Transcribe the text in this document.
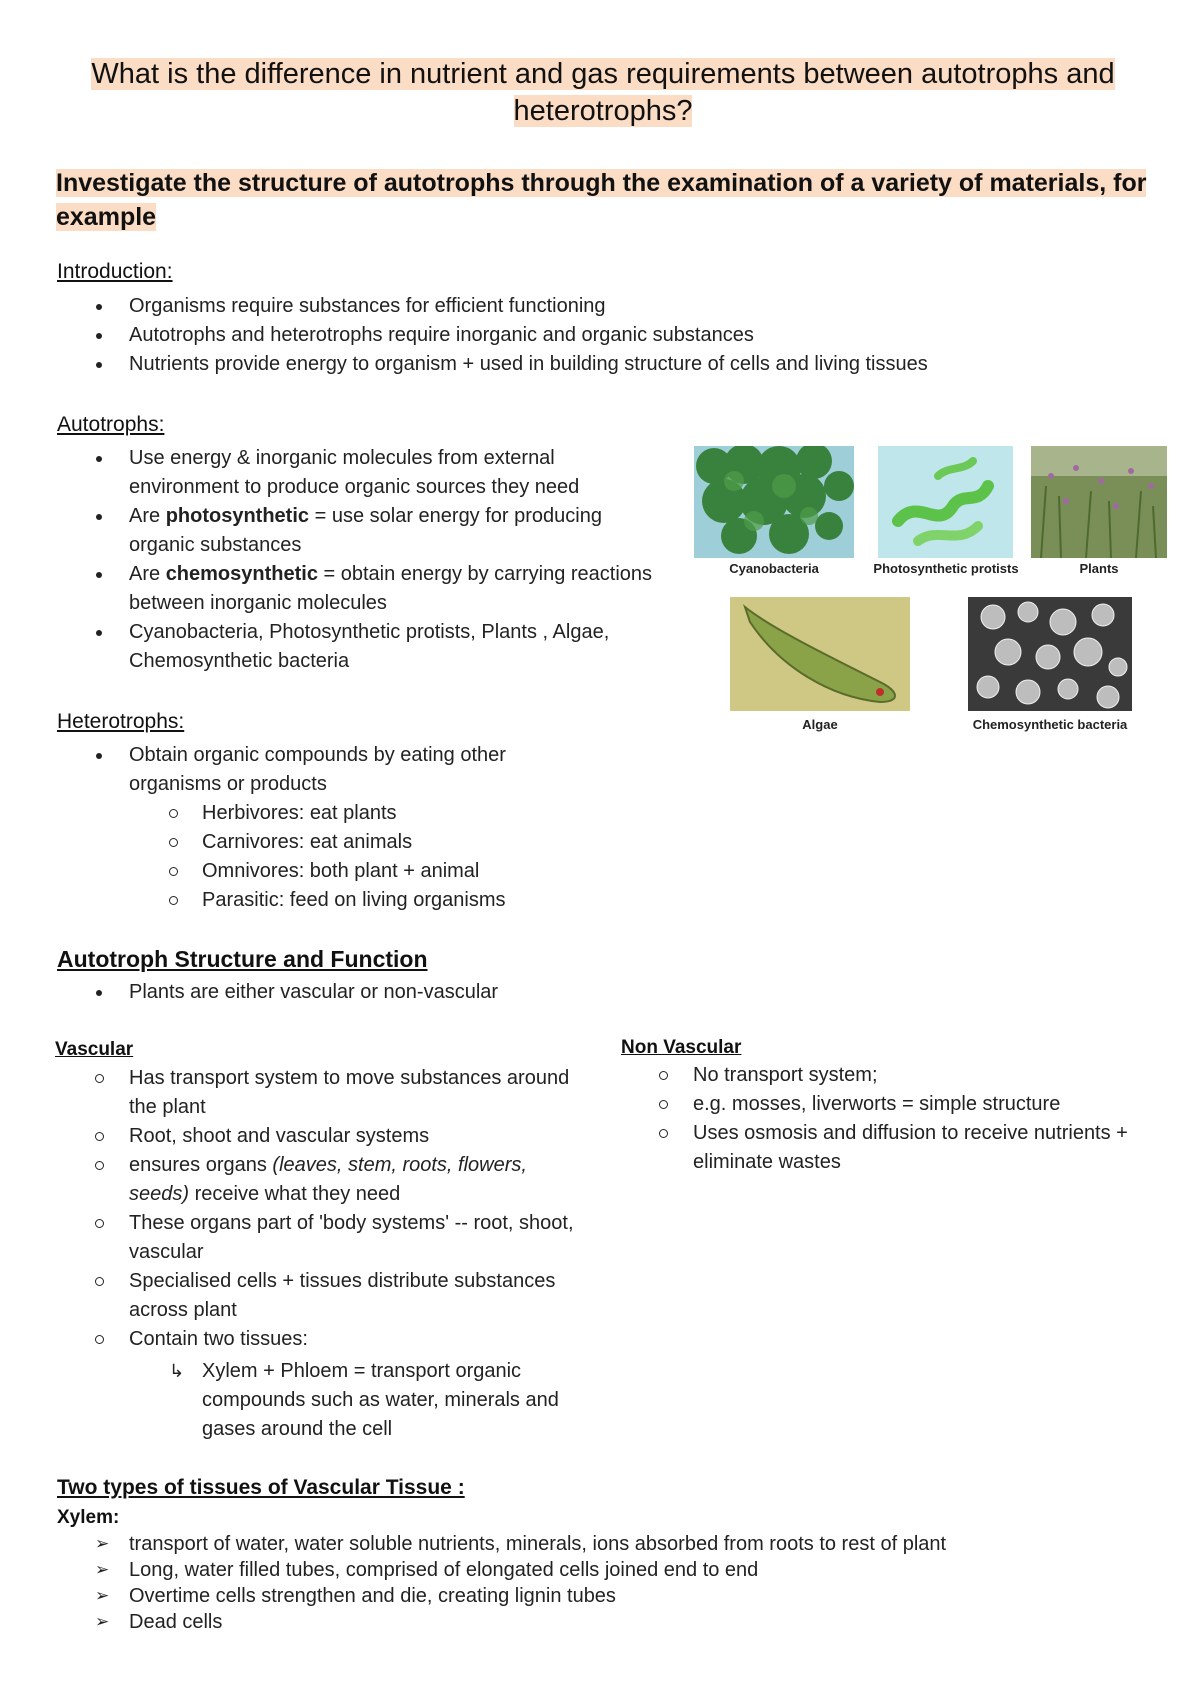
What is the difference in nutrient and gas requirements between autotrophs and heterotrophs?
Investigate the structure of autotrophs through the examination of a variety of materials, for example
Introduction:
Organisms require substances for efficient functioning
Autotrophs and heterotrophs require inorganic and organic substances
Nutrients provide energy to organism + used in building structure of cells and living tissues
Autotrophs:
Use energy & inorganic molecules from external environment to produce organic sources they need
Are photosynthetic = use solar energy for producing organic substances
Are chemosynthetic = obtain energy by carrying reactions between inorganic molecules
Cyanobacteria, Photosynthetic protists, Plants , Algae, Chemosynthetic bacteria
Cyanobacteria	Photosynthetic protists	Plants
Algae	Chemosynthetic bacteria
Heterotrophs:
Obtain organic compounds by eating other organisms or products
Herbivores: eat plants
Carnivores: eat animals
Omnivores: both plant + animal
Parasitic: feed on living organisms
Autotroph Structure and Function
Plants are either vascular or non-vascular
Vascular
Has transport system to move substances around the plant
Root, shoot and vascular systems
ensures organs (leaves, stem, roots, flowers, seeds) receive what they need
These organs part of 'body systems' -- root, shoot, vascular
Specialised cells + tissues distribute substances across plant
Contain two tissues:
↳ Xylem + Phloem = transport organic compounds such as water, minerals and gases around the cell
Non Vascular
No transport system;
e.g. mosses, liverworts = simple structure
Uses osmosis and diffusion to receive nutrients + eliminate wastes
Two types of tissues of Vascular Tissue :
Xylem:
➢ transport of water, water soluble nutrients, minerals, ions absorbed from roots to rest of plant
➢ Long, water filled tubes, comprised of elongated cells joined end to end
➢ Overtime cells strengthen and die, creating lignin tubes
➢ Dead cells
